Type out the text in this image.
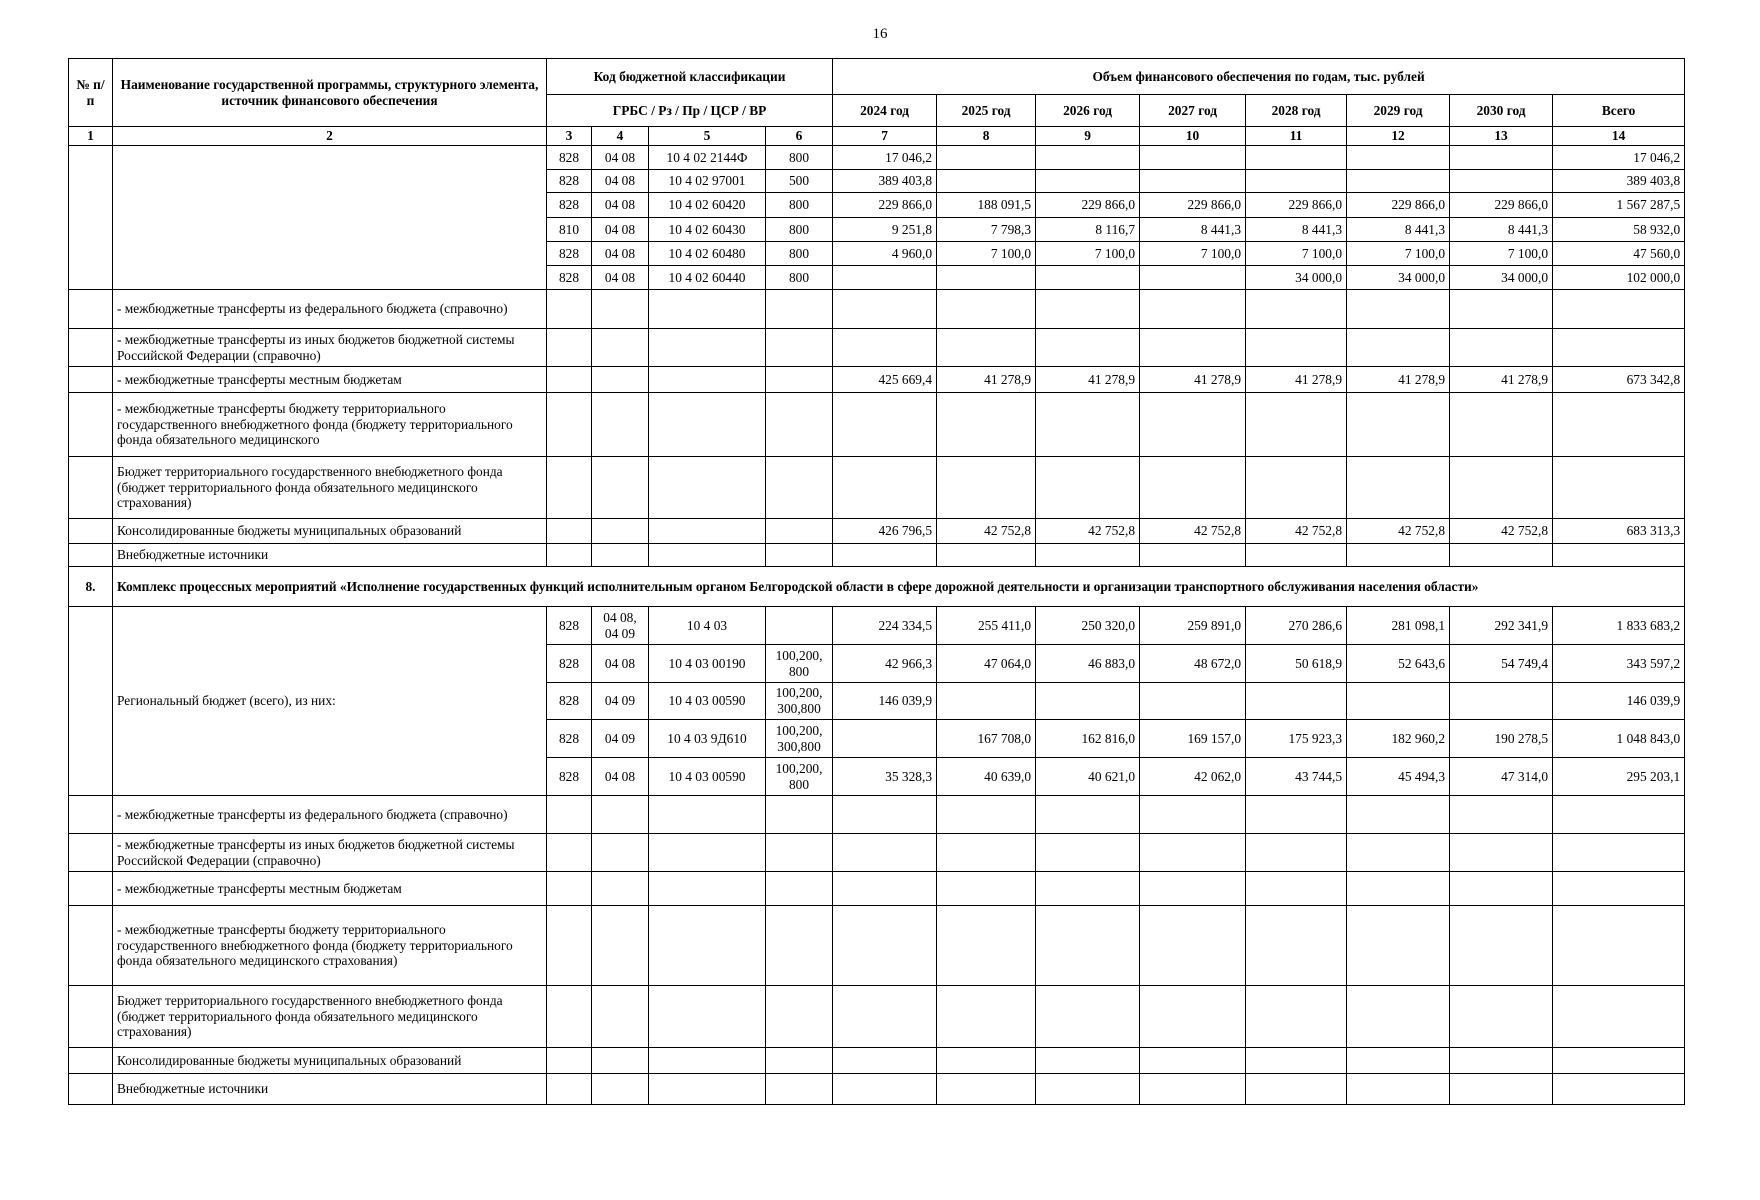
16
№ п/п	Наименование государственной программы, структурного элемента, источник финансового обеспечения	Код бюджетной классификации				Объем финансового обеспечения по годам, тыс. рублей							
		ГРБС / Рз / Пр / ЦСР / ВР				2024 год	2025 год	2026 год	2027 год	2028 год	2029 год	2030 год	Всего
1	2	3	4	5	6	7	8	9	10	11	12	13	14
		828	04 08	10 4 02 2144Ф	800	17 046,2							17 046,2
		828	04 08	10 4 02 97001	500	389 403,8							389 403,8
		828	04 08	10 4 02 60420	800	229 866,0	188 091,5	229 866,0	229 866,0	229 866,0	229 866,0	229 866,0	1 567 287,5
		810	04 08	10 4 02 60430	800	9 251,8	7 798,3	8 116,7	8 441,3	8 441,3	8 441,3	8 441,3	58 932,0
		828	04 08	10 4 02 60480	800	4 960,0	7 100,0	7 100,0	7 100,0	7 100,0	7 100,0	7 100,0	47 560,0
		828	04 08	10 4 02 60440	800					34 000,0	34 000,0	34 000,0	102 000,0
	- межбюджетные трансферты из федерального бюджета (справочно)												
	- межбюджетные трансферты из иных бюджетов бюджетной системы Российской Федерации (справочно)												
	- межбюджетные трансферты местным бюджетам					425 669,4	41 278,9	41 278,9	41 278,9	41 278,9	41 278,9	41 278,9	673 342,8
	- межбюджетные трансферты бюджету территориального государственного внебюджетного фонда (бюджету территориального фонда обязательного медицинского												
	Бюджет территориального государственного внебюджетного фонда (бюджет территориального фонда обязательного медицинского страхования)												
	Консолидированные бюджеты муниципальных образований					426 796,5	42 752,8	42 752,8	42 752,8	42 752,8	42 752,8	42 752,8	683 313,3
	Внебюджетные источники												
8.	Комплекс процессных мероприятий «Исполнение государственных функций исполнительным органом Белгородской области в сфере дорожной деятельности и организации транспортного обслуживания населения области»												
	Региональный бюджет (всего), из них:	828	04 08, 04 09	10 4 03		224 334,5	255 411,0	250 320,0	259 891,0	270 286,6	281 098,1	292 341,9	1 833 683,2
		828	04 08	10 4 03 00190	100,200, 800	42 966,3	47 064,0	46 883,0	48 672,0	50 618,9	52 643,6	54 749,4	343 597,2
		828	04 09	10 4 03 00590	100,200, 300,800	146 039,9							146 039,9
		828	04 09	10 4 03 9Д610	100,200, 300,800		167 708,0	162 816,0	169 157,0	175 923,3	182 960,2	190 278,5	1 048 843,0
		828	04 08	10 4 03 00590	100,200, 800	35 328,3	40 639,0	40 621,0	42 062,0	43 744,5	45 494,3	47 314,0	295 203,1
	- межбюджетные трансферты из федерального бюджета (справочно)												
	- межбюджетные трансферты из иных бюджетов бюджетной системы Российской Федерации (справочно)												
	- межбюджетные трансферты местным бюджетам												
	- межбюджетные трансферты бюджету территориального государственного внебюджетного фонда (бюджету территориального фонда обязательного медицинского страхования)												
	Бюджет территориального государственного внебюджетного фонда (бюджет территориального фонда обязательного медицинского страхования)												
	Консолидированные бюджеты муниципальных образований												
	Внебюджетные источники												
